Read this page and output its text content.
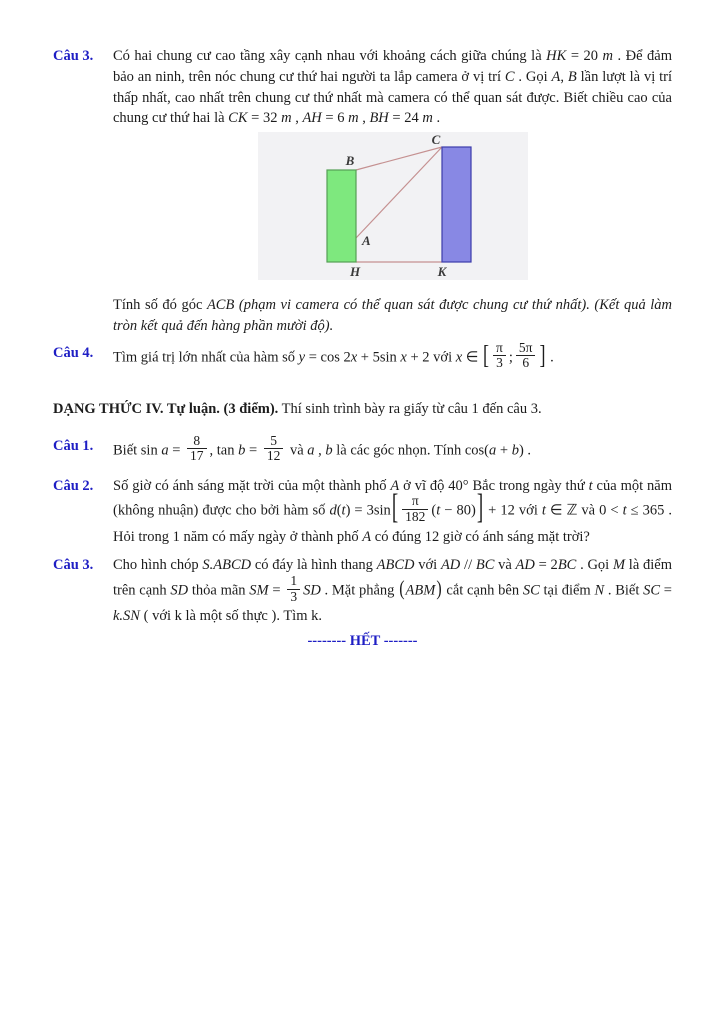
Câu 3.	Có hai chung cư cao tầng xây cạnh nhau với khoảng cách giữa chúng là HK = 20 m . Để đảm bảo an ninh, trên nóc chung cư thứ hai người ta lắp camera ở vị trí C . Gọi A, B lần lượt là vị trí thấp nhất, cao nhất trên chung cư thứ nhất mà camera có thể quan sát được. Biết chiều cao của chung cư thứ hai là CK = 32 m , AH = 6 m , BH = 24 m .
C
B
A
H	K
Tính số đó góc ACB (phạm vi camera có thể quan sát được chung cư thứ nhất). (Kết quả làm tròn kết quả đến hàng phần mười độ).
Câu 4.	Tìm giá trị lớn nhất của hàm số y = cos 2x + 5sin x + 2 với x ∈ [ $\frac{\pi}{3}$ ; $\frac{5\pi}{6}$ ] .
DẠNG THỨC IV. Tự luận. (3 điểm). Thí sinh trình bày ra giấy từ câu 1 đến câu 3.
Câu 1.	Biết $\sin a = \frac{8}{17}$ , $\tan b = \frac{5}{12}$ và a , b là các góc nhọn. Tính cos(a + b) .
Câu 2.	Số giờ có ánh sáng mặt trời của một thành phố A ở vĩ độ 40° Bắc trong ngày thứ t của một năm (không nhuận) được cho bởi hàm số $d(t) = 3\sin[ \frac{\pi}{182} (t - 80)] + 12$ với t ∈ ℤ và 0 < t ≤ 365 . Hỏi trong 1 năm có mấy ngày ở thành phố A có đúng 12 giờ có ánh sáng mặt trời?
Câu 3.	Cho hình chóp S.ABCD có đáy là hình thang ABCD với AD // BC và AD = 2BC . Gọi M là điểm trên cạnh SD thỏa mãn SM = $\frac{1}{3}$ SD . Mặt phẳng (ABM) cắt cạnh bên SC tại điểm N . Biết SC = k.SN ( với k là một số thực ). Tìm k.
-------- HẾT -------
